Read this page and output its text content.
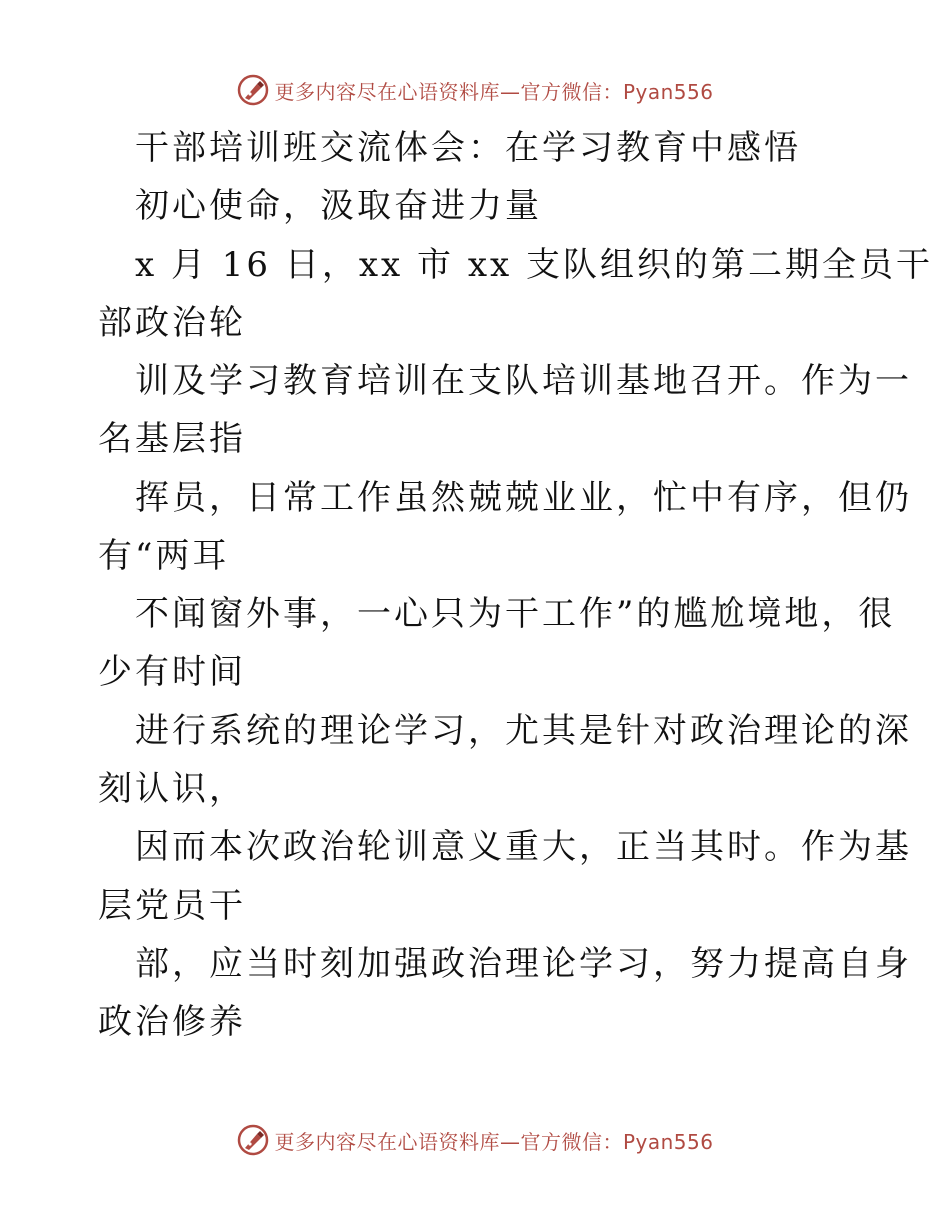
更多内容尽在心语资料库—官方微信：Pyan556
干部培训班交流体会：在学习教育中感悟
初心使命，汲取奋进力量
x 月 16 日，xx 市 xx 支队组织的第二期全员干
部政治轮
训及学习教育培训在支队培训基地召开。作为一
名基层指
挥员，日常工作虽然兢兢业业，忙中有序，但仍
有“两耳
不闻窗外事，一心只为干工作”的尴尬境地，很
少有时间
进行系统的理论学习，尤其是针对政治理论的深
刻认识，
因而本次政治轮训意义重大，正当其时。作为基
层党员干
部，应当时刻加强政治理论学习，努力提高自身
政治修养
更多内容尽在心语资料库—官方微信：Pyan556
